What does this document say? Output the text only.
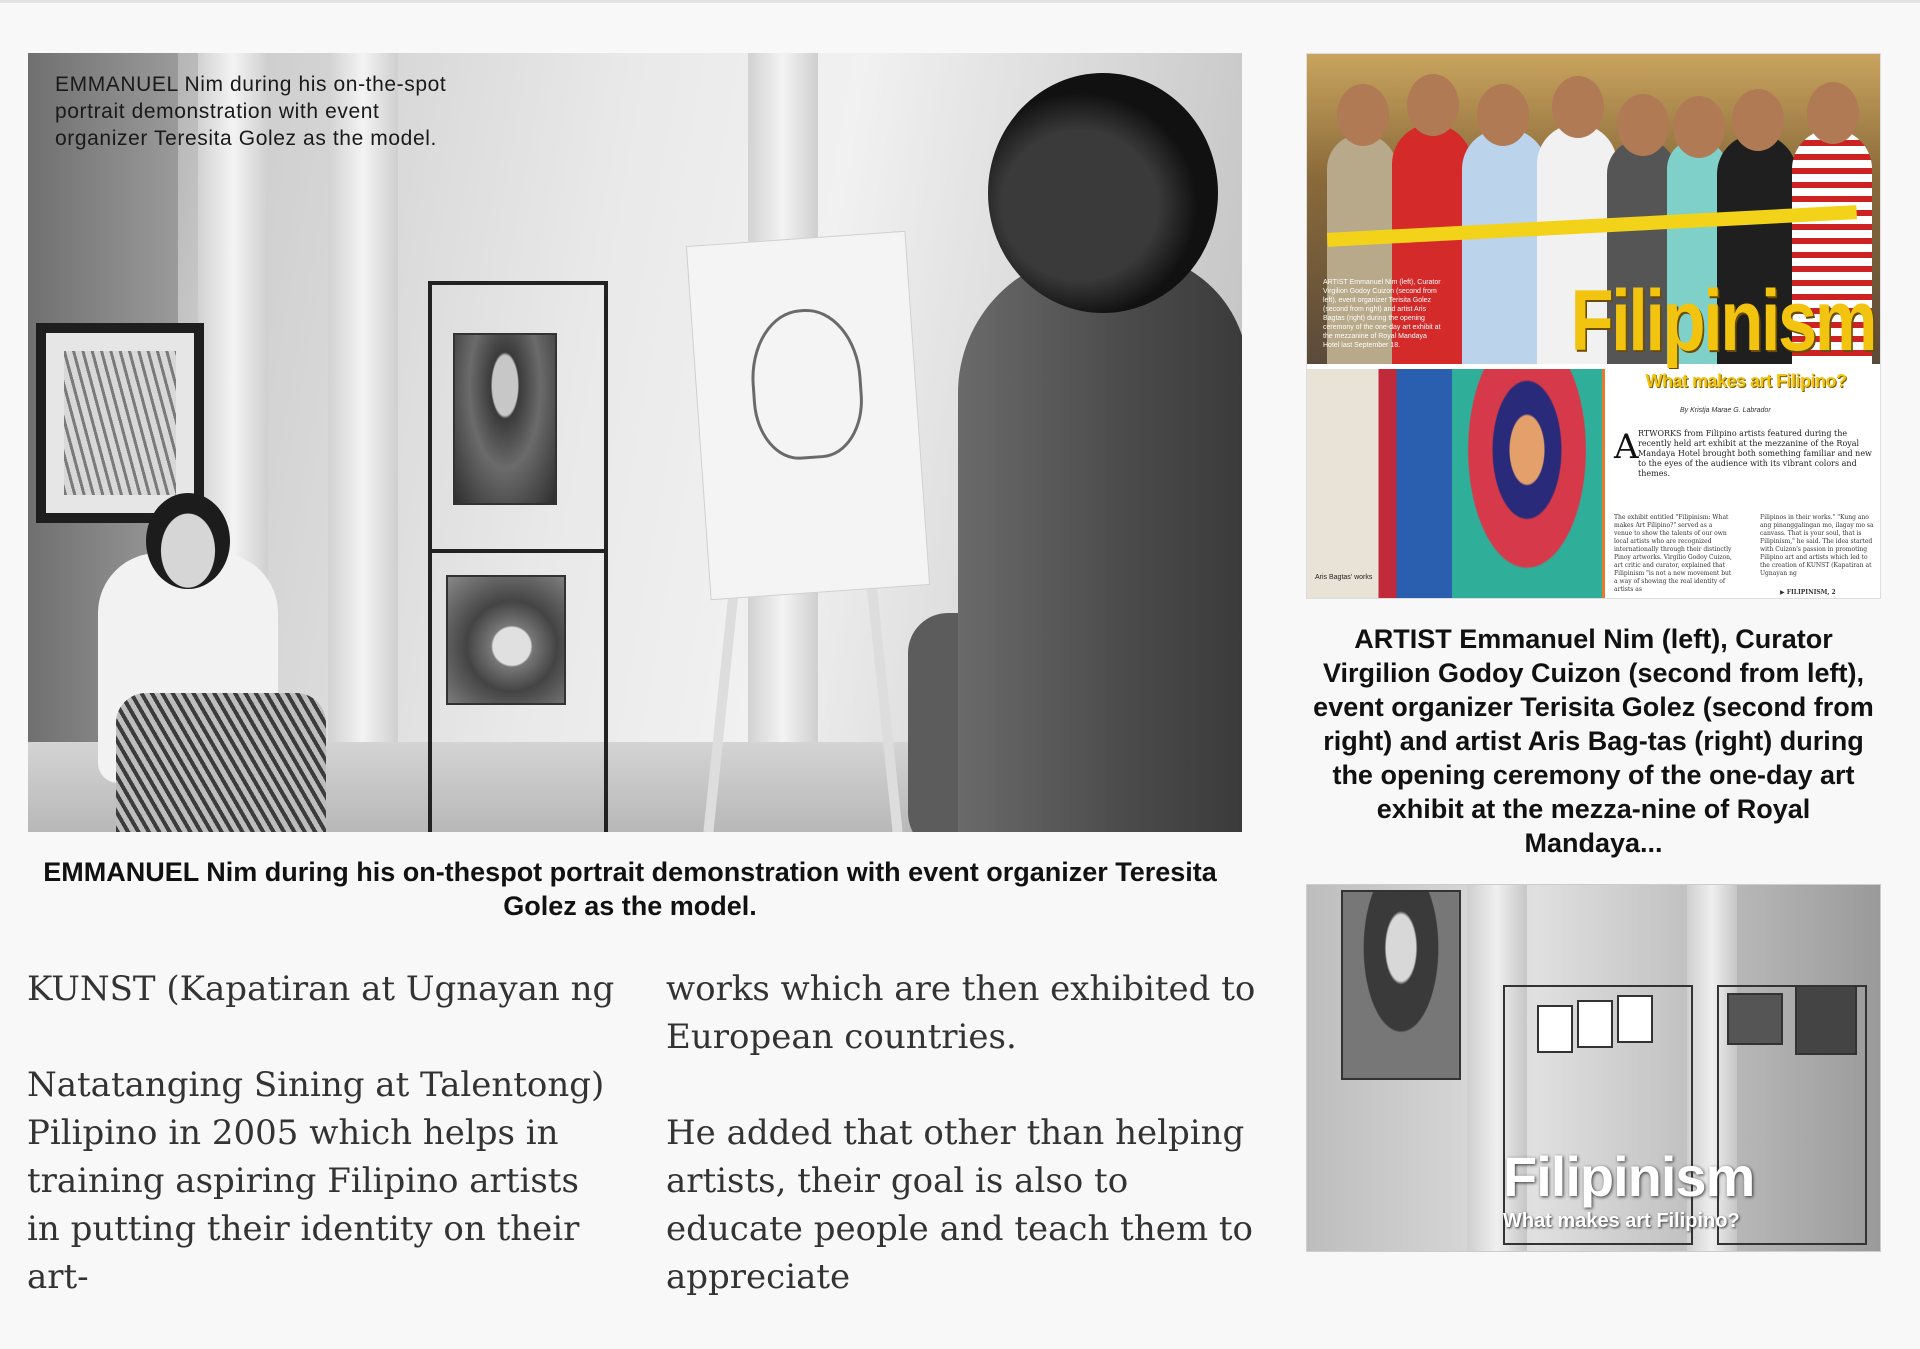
EMMANUEL Nim during his on-the-spot portrait demonstration with event organizer Teresita Golez as the model.
EMMANUEL Nim during his on-thespot portrait demonstration with event organizer Teresita Golez as the model.

KUNST (Kapatiran at Ugnayan ng

Natatanging Sining at Talentong) Pilipino in 2005 which helps in training aspiring Filipino artists in putting their identity on their art-

works which are then exhibited to European countries.

He added that other than helping artists, their goal is also to educate people and teach them to appreciate

ARTIST Emmanuel Nim (left), Curator Virgilion Godoy Cuizon (second from left), event organizer Terisita Golez (second from right) and artist Aris Bagtas (right) during the opening ceremony of the one-day art exhibit at the mezzanine of Royal Mandaya Hotel last September 18.	Filipinism
Aris Bagtas' works
What makes art Filipino?
By Kristja Marae G. Labrador
A RTWORKS from Filipino artists featured during the recently held art exhibit at the mezzanine of the Royal Mandaya Hotel brought both something familiar and new to the eyes of the audience with its vibrant colors and themes.
The exhibit entitled "Filipinism: What makes Art Filipino?" served as a venue to show the talents of our own local artists who are recognized internationally through their distinctly Pinoy artworks. Virgilio Godoy Cuizon, art critic and curator, explained that Filipinism "is not a new movement but a way of showing the real identity of artists as
Filipinos in their works." "Kung ano ang pinanggalingan mo, ilagay mo sa canvass. That is your soul, that is Filipinism," he said. The idea started with Cuizon's passion in promoting Filipino art and artists which led to the creation of KUNST (Kapatiran at Ugnayan ng
▶ FILIPINISM, 2
ARTIST Emmanuel Nim (left), Curator Virgilion Godoy Cuizon (second from left), event organizer Terisita Golez (second from right) and artist Aris Bag-tas (right) during the opening ceremony of the one-day art exhibit at the mezza-nine of Royal Mandaya...
Filipinism
What makes art Filipino?
